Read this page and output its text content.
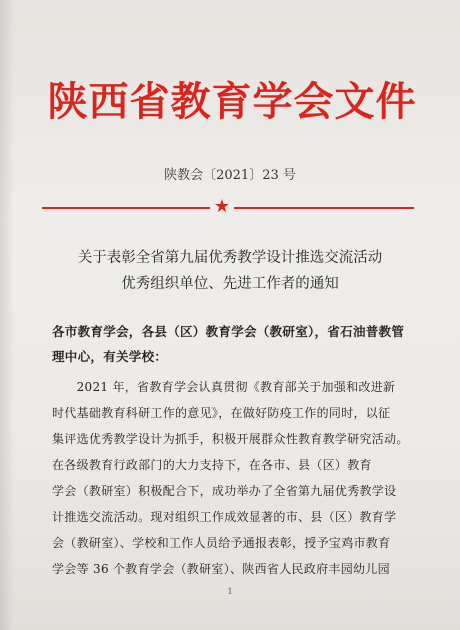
陕西省教育学会文件
陕教会〔2021〕23 号
★
关于表彰全省第九届优秀教学设计推选交流活动
优秀组织单位、先进工作者的通知
各市教育学会，各县（区）教育学会（教研室），省石油普教管
理中心，有关学校：
　　2021 年，省教育学会认真贯彻《教育部关于加强和改进新
时代基础教育科研工作的意见》，在做好防疫工作的同时，以征
集评选优秀教学设计为抓手，积极开展群众性教育教学研究活动。
在各级教育行政部门的大力支持下，在各市、县（区）教育
学会（教研室）积极配合下，成功举办了全省第九届优秀教学设
计推选交流活动。现对组织工作成效显著的市、县（区）教育学
会（教研室）、学校和工作人员给予通报表彰，授予宝鸡市教育
学会等 36 个教育学会（教研室）、陕西省人民政府丰园幼儿园
1
